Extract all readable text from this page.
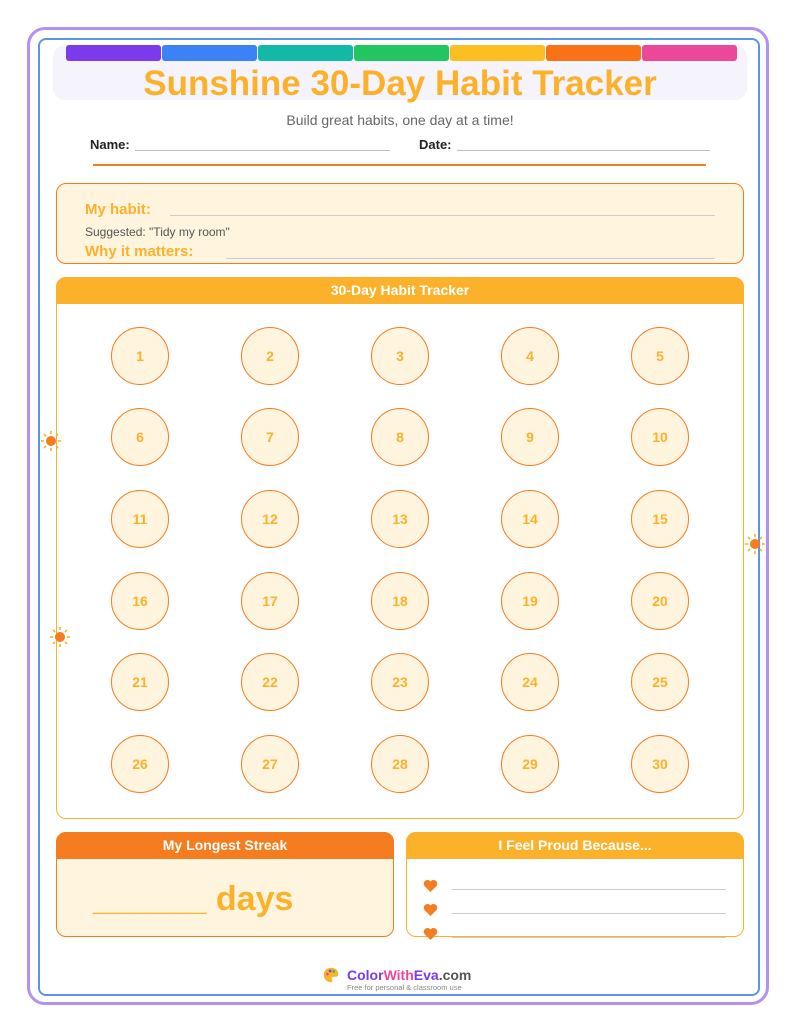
Sunshine 30-Day Habit Tracker
Build great habits, one day at a time!
Name:	Date:
My habit:
Suggested: "Tidy my room"
Why it matters:
30-Day Habit Tracker
1	2	3	4	5
6	7	8	9	10
11	12	13	14	15
16	17	18	19	20
21	22	23	24	25
26	27	28	29	30
My Longest Streak
______ days
I Feel Proud Because...
ColorWithEva.com
Free for personal & classroom use
